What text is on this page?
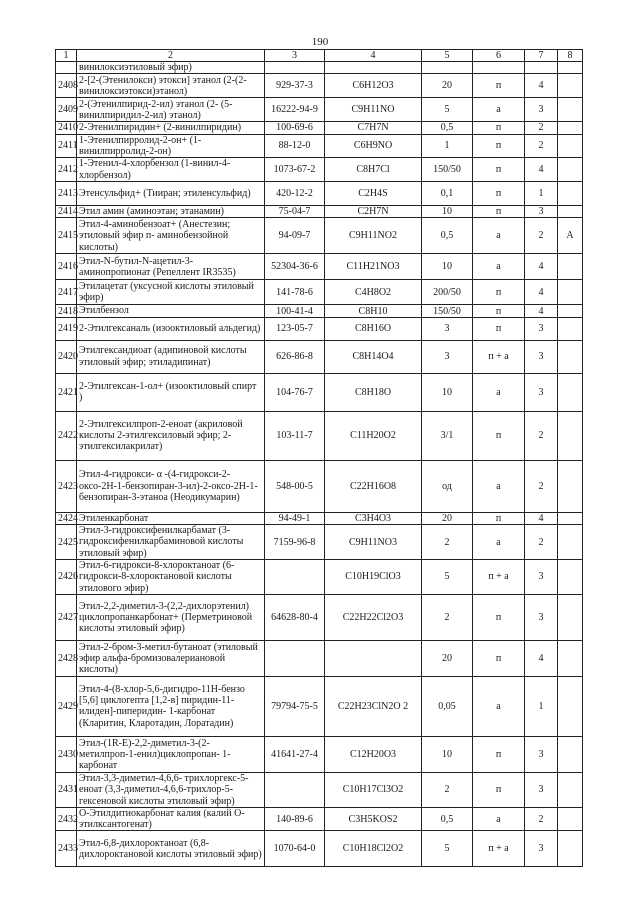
190
1	2	3	4	5	6	7	8
	винилоксиэтиловый эфир)						
2408	2-[2-(Этенилокси) этокси] этанол (2-(2-винилоксиэтокси)этанол)	929-37-3	C6H12O3	20	п	4	
2409	2-(Этенилпирид-2-ил) этанол (2- (5-винилпиридил-2-ил) этанол)	16222-94-9	C9H11NO	5	а	3	
2410	2-Этенилпиридин+ (2-винилпиридин)	100-69-6	C7H7N	0,5	п	2	
2411	1-Этенилпирролид-2-он+ (1-винилпирролид-2-он)	88-12-0	C6H9NO	1	п	2	
2412	1-Этенил-4-хлорбензол (1-винил-4-хлорбензол)	1073-67-2	C8H7Cl	150/50	п	4	
2413	Этенсульфид+ (Тииран; этиленсульфид)	420-12-2	C2H4S	0,1	п	1	
2414	Этил амин (аминоэтан; этанамин)	75-04-7	C2H7N	10	п	3	
2415	Этил-4-аминобензоат+ (Анестезин; этиловый эфир п- аминобензойной кислоты)	94-09-7	C9H11NO2	0,5	а	2	А
2416	Этил-N-бутил-N-ацетил-3-аминопропионат (Репеллент IR3535)	52304-36-6	C11H21NO3	10	а	4	
2417	Этилацетат (уксусной кислоты этиловый эфир)	141-78-6	C4H8O2	200/50	п	4	
2418	Этилбензол	100-41-4	C8H10	150/50	п	4	
2419	2-Этилгексаналь (изооктиловый альдегид)	123-05-7	C8H16O	3	п	3	
2420	Этилгександиоат (адипиновой кислоты этиловый эфир; этиладипинат)	626-86-8	C8H14O4	3	п + а	3	
2421	2-Этилгексан-1-ол+ (изооктиловый спирт )	104-76-7	C8H18O	10	а	3	
2422	2-Этилгексилпроп-2-еноат (акриловой кислоты 2-этилгексиловый эфир; 2-этилгексилакрилат)	103-11-7	C11H20O2	3/1	п	2	
2423	Этил-4-гидрокси- α -(4-гидрокси-2-оксо-2Н-1-бензопиран-3-ил)-2-оксо-2Н-1-бензопиран-3-этаноа (Неодикумарин)	548-00-5	C22H16O8	од	а	2	
2424	Этиленкарбонат	94-49-1	C3H4O3	20	п	4	
2425	Этил-3-гидроксифенилкарбамат (3-гидроксифенилкарбаминовой кислоты этиловый эфир)	7159-96-8	C9H11NO3	2	а	2	
2426	Этил-6-гидрокси-8-хлороктаноат (6-гидрокси-8-хлороктановой кислоты этилового эфир)		C10H19ClO3	5	п + а	3	
2427	Этил-2,2-диметил-3-(2,2-дихлорэтенил) циклопропанкарбонат+ (Перметриновой кислоты этиловый эфир)	64628-80-4	C22H22Cl2O3	2	п	3	
2428	Этил-2-бром-3-метил-бутаноат (этиловый эфир альфа-бромизовалериановой кислоты)			20	п	4	
2429	Этил-4-(8-хлор-5,6-дигидро-11Н-бензо [5,6] циклогепта [1,2-в] пиридин-11-илиден]-пиперидин- 1-карбонат (Кларитин, Кларотадин, Лоратадин)	79794-75-5	C22H23ClN2O 2	0,05	а	1	
2430	Этил-(1R-E)-2,2-диметил-3-(2-метилпроп-1-енил)циклопропан- 1-карбонат	41641-27-4	C12H20O3	10	п	3	
2431	Этил-3,3-диметил-4,6,6- трихлоргекс-5-еноат (3,3-диметил-4,6,6-трихлор-5-гексеновой кислоты этиловый эфир)		C10H17Cl3O2	2	п	3	
2432	О-Этилдитиокарбонат калия (калий О-этилксантогенат)	140-89-6	C3H5KOS2	0,5	а	2	
2433	Этил-6,8-дихлороктаноат (6,8-дихлороктановой кислоты этиловый эфир)	1070-64-0	C10H18Cl2O2	5	п + а	3	
